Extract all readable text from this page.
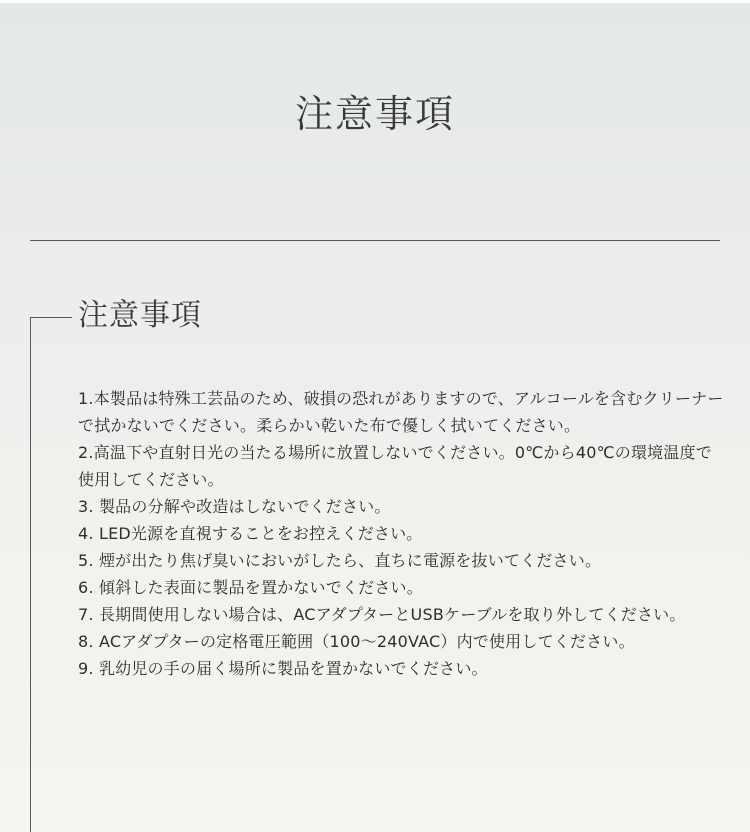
注意事項
注意事項
1.本製品は特殊工芸品のため、破損の恐れがありますので、アルコールを含むクリーナーで拭かないでください。柔らかい乾いた布で優しく拭いてください。
2.高温下や直射日光の当たる場所に放置しないでください。0℃から40℃の環境温度で使用してください。
3. 製品の分解や改造はしないでください。
4. LED光源を直視することをお控えください。
5. 煙が出たり焦げ臭いにおいがしたら、直ちに電源を抜いてください。
6. 傾斜した表面に製品を置かないでください。
7. 長期間使用しない場合は、ACアダプターとUSBケーブルを取り外してください。
8. ACアダプターの定格電圧範囲（100～240VAC）内で使用してください。
9. 乳幼児の手の届く場所に製品を置かないでください。
